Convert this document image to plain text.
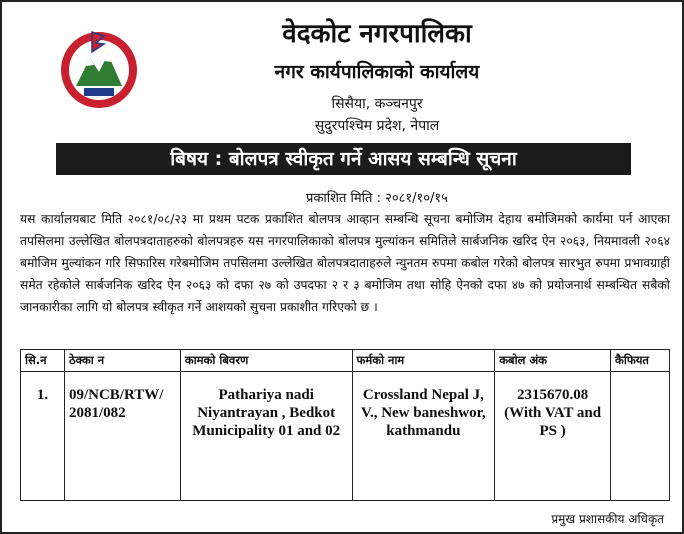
वेदकोट नगरपालिका
नगर कार्यपालिकाको कार्यालय
सिसैया, कञ्चनपुर
सुदुरपश्चिम प्रदेश, नेपाल
बिषय : बोलपत्र स्वीकृत गर्ने आसय सम्बन्धि सूचना
प्रकाशित मिति : २०८१/१०/१५
यस कार्यालयबाट मिति २०८१/०८/२३ मा प्रथम पटक प्रकाशित बोलपत्र आव्हान सम्बन्धि सूचना बमोजिम देहाय बमोजिमको कार्यमा पर्न आएका तपसिलमा उल्लेखित बोलपत्रदाताहरुको बोलपत्रहरु यस नगरपालिकाको बोलपत्र मुल्यांकन समितिले सार्बजनिक खरिद ऐन २०६३, नियमावली २०६४ बमोजिम मुल्यांकन गरि सिफारिस गरेबमोजिम तपसिलमा उल्लेखित बोलपत्रदाताहरुले न्युनतम रुपमा कबोल गरेको बोलपत्र सारभुत रुपमा प्रभावग्राही समेत रहेकोले सार्बजनिक खरिद ऐन २०६३ को दफा २७ को उपदफा २ र ३ बमोजिम तथा सोहि ऐनको दफा ४७ को प्रयोजनार्थ सम्बन्धित सबैको जानकारीका लागि यो बोलपत्र स्वीकृत गर्ने आशयको सुचना प्रकाशीत गरिएको छ ।
सि.न	ठेक्का न	कामको बिवरण	फर्मको नाम	कबोल अंक	कैफियत
1.	09/NCB/RTW/ 2081/082	Pathariya nadi Niyantrayan , Bedkot Municipality 01 and 02	Crossland Nepal J, V., New baneshwor, kathmandu	2315670.08 (With VAT and PS )	
प्रमुख प्रशासकीय अधिकृत
